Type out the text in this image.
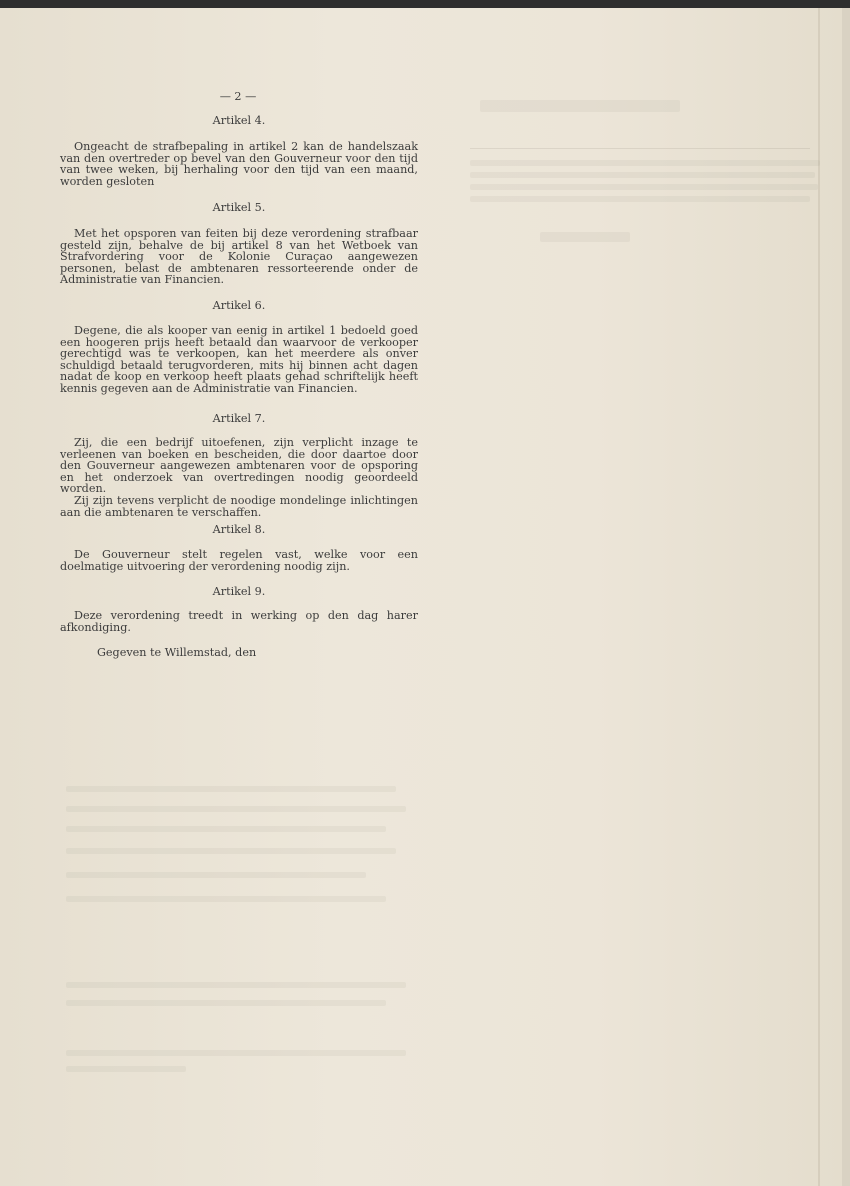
— 2 —
Artikel 4.

Ongeacht de strafbepaling in artikel 2 kan de handelszaak van den overtreder op bevel van den Gouverneur voor den tijd van twee weken, bij herhaling voor den tijd van een maand, worden gesloten

Artikel 5.

Met het opsporen van feiten bij deze verordening strafbaar gesteld zijn, behalve de bij artikel 8 van het Wetboek van Strafvordering voor de Kolonie Curaçao aangewezen personen, belast de ambtenaren ressorteerende onder de Administratie van Financien.

Artikel 6.

Degene, die als kooper van eenig in artikel 1 bedoeld goed een hoogeren prijs heeft betaald dan waarvoor de verkooper gerechtigd was te verkoopen, kan het meerdere als onver schuldigd betaald terugvorderen, mits hij binnen acht dagen nadat de koop en verkoop heeft plaats gehad schriftelijk heeft kennis gegeven aan de Administratie van Financien.

Artikel 7.

Zij, die een bedrijf uitoefenen, zijn verplicht inzage te verleenen van boeken en bescheiden, die door daartoe door den Gouverneur aangewezen ambtenaren voor de opsporing en het onderzoek van overtredingen noodig geoordeeld worden.

Zij zijn tevens verplicht de noodige mondelinge inlichtingen aan die ambtenaren te verschaffen.

Artikel 8.

De Gouverneur stelt regelen vast, welke voor een doelmatige uitvoering der verordening noodig zijn.

Artikel 9.

Deze verordening treedt in werking op den dag harer afkondiging.

Gegeven te Willemstad, den
